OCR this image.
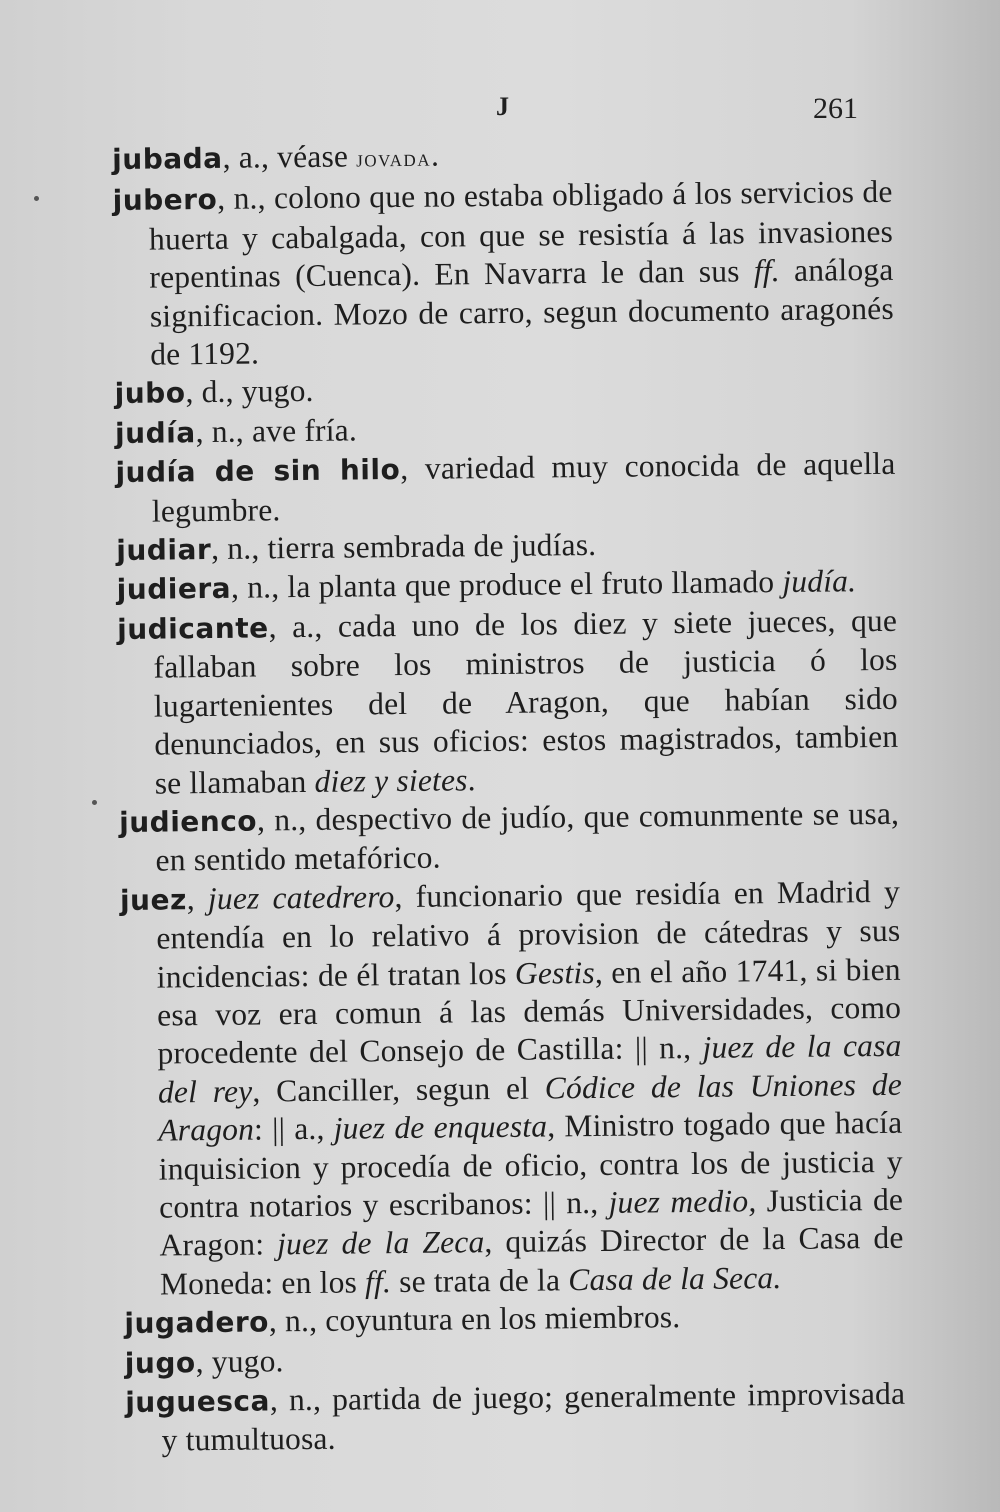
J	261

jubada, a., véase jovada.

jubero, n., colono que no estaba obligado á los servicios de huerta y cabalgada, con que se resistía á las invasiones repentinas (Cuenca). En Navarra le dan sus ff. análoga significacion. Mozo de carro, segun documento aragonés de 1192.

jubo, d., yugo.

judía, n., ave fría.

judía de sin hilo, variedad muy conocida de aquella legumbre.

judiar, n., tierra sembrada de judías.

judiera, n., la planta que produce el fruto llamado judía.

judicante, a., cada uno de los diez y siete jueces, que fallaban sobre los ministros de justicia ó los lugartenientes del de Aragon, que habían sido denunciados, en sus oficios: estos magistrados, tambien se llamaban diez y sietes.

judienco, n., despectivo de judío, que comunmente se usa, en sentido metafórico.

juez, juez catedrero, funcionario que residía en Madrid y entendía en lo relativo á provision de cátedras y sus incidencias: de él tratan los Gestis, en el año 1741, si bien esa voz era comun á las demás Universidades, como procedente del Consejo de Castilla: || n., juez de la casa del rey, Canciller, segun el Códice de las Uniones de Aragon: || a., juez de enquesta, Ministro togado que hacía inquisicion y procedía de oficio, contra los de justicia y contra notarios y escribanos: || n., juez medio, Justicia de Aragon: juez de la Zeca, quizás Director de la Casa de Moneda: en los ff. se trata de la Casa de la Seca.

jugadero, n., coyuntura en los miembros.

jugo, yugo.

juguesca, n., partida de juego; generalmente improvisada y tumultuosa.
